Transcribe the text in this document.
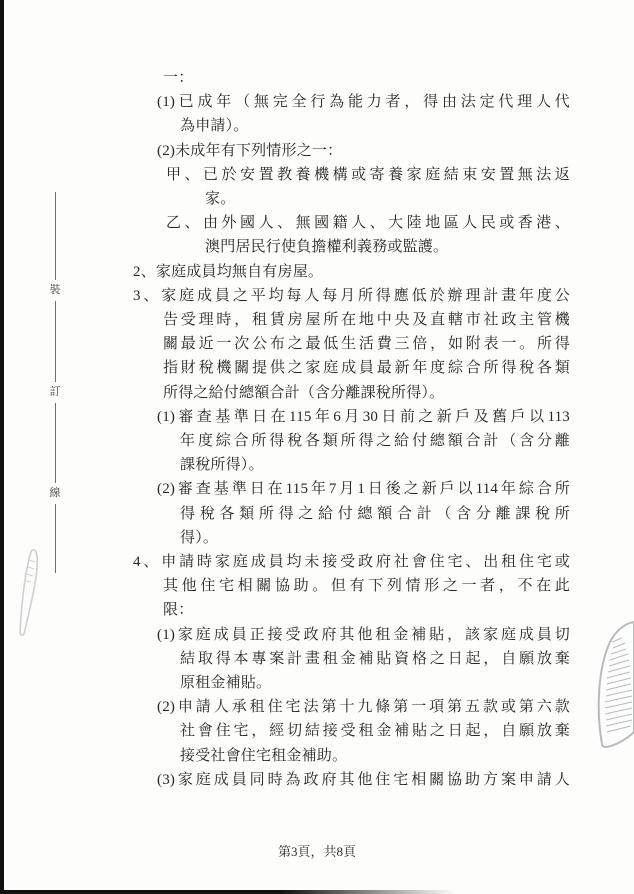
裝
訂
線
一：
(1)已成年（無完全行為能力者，得由法定代理人代
為申請）。
(2)未成年有下列情形之一：
甲、已於安置教養機構或寄養家庭結束安置無法返
家。
乙、由外國人、無國籍人、大陸地區人民或香港、
澳門居民行使負擔權利義務或監護。
2、家庭成員均無自有房屋。
3、家庭成員之平均每人每月所得應低於辦理計畫年度公
告受理時，租賃房屋所在地中央及直轄市社政主管機
關最近一次公布之最低生活費三倍，如附表一。所得
指財稅機關提供之家庭成員最新年度綜合所得稅各類
所得之給付總額合計（含分離課稅所得）。
(1)審查基準日在115年6月30日前之新戶及舊戶以113
年度綜合所得稅各類所得之給付總額合計（含分離
課稅所得）。
(2)審查基準日在115年7月1日後之新戶以114年綜合所
得稅各類所得之給付總額合計（含分離課稅所
得）。
4、申請時家庭成員均未接受政府社會住宅、出租住宅或
其他住宅相關協助。但有下列情形之一者，不在此
限：
(1)家庭成員正接受政府其他租金補貼，該家庭成員切
結取得本專案計畫租金補貼資格之日起，自願放棄
原租金補貼。
(2)申請人承租住宅法第十九條第一項第五款或第六款
社會住宅，經切結接受租金補貼之日起，自願放棄
接受社會住宅租金補助。
(3)家庭成員同時為政府其他住宅相關協助方案申請人
第3頁，共8頁
